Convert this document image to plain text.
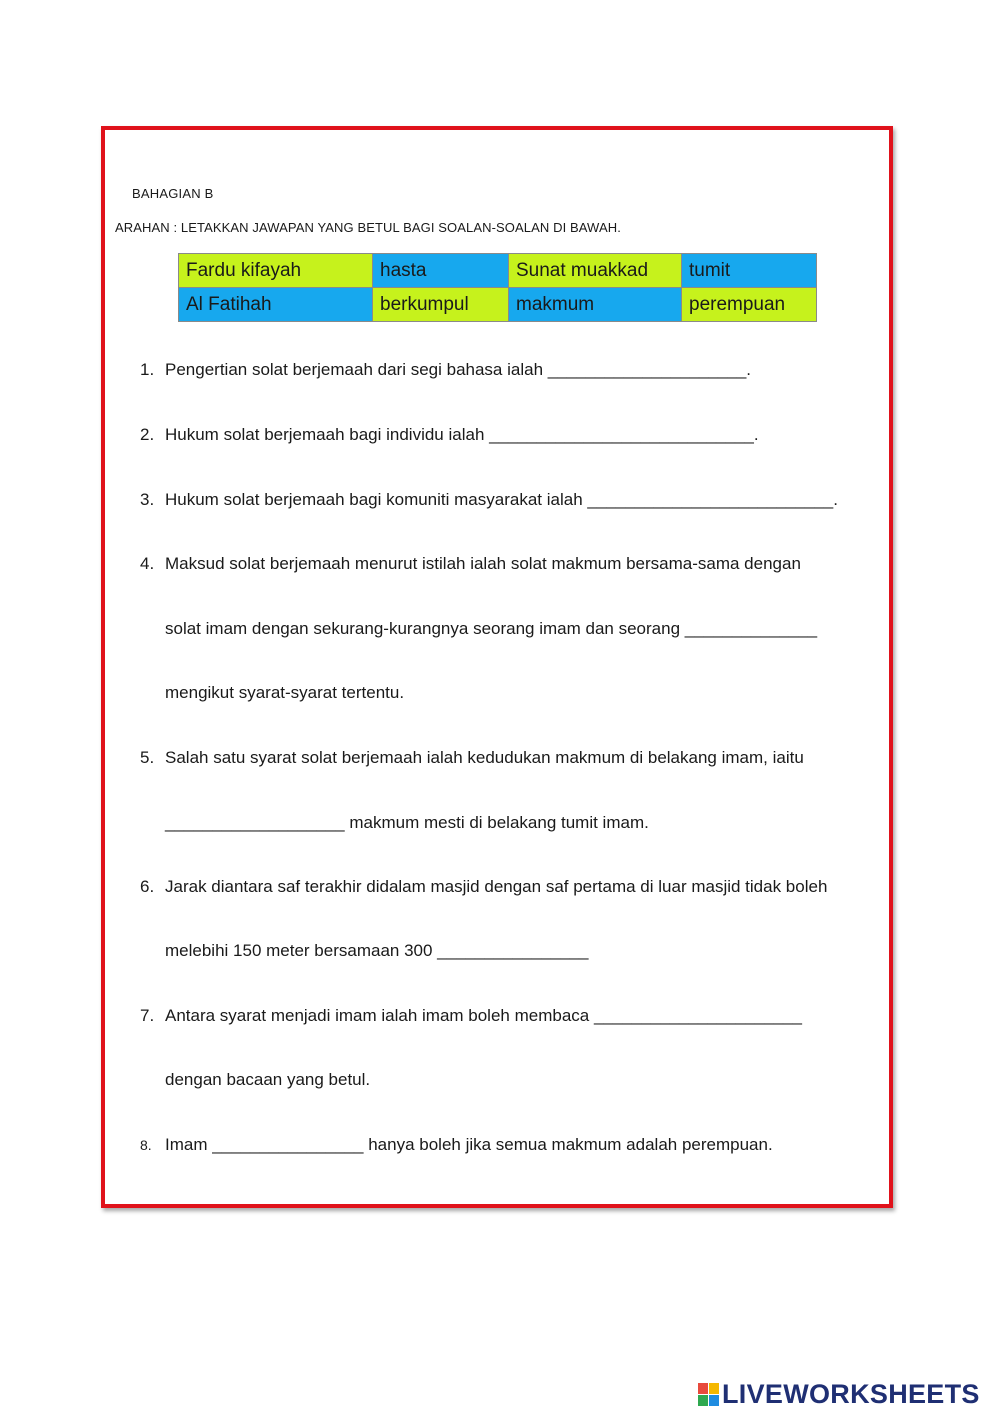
BAHAGIAN B
ARAHAN : LETAKKAN JAWAPAN YANG BETUL BAGI SOALAN-SOALAN DI BAWAH.
Fardu kifayah	hasta	Sunat muakkad	tumit
Al Fatihah	berkumpul	makmum	perempuan
1. Pengertian solat berjemaah dari segi bahasa ialah _____________________.
2. Hukum solat berjemaah bagi individu ialah ____________________________.
3. Hukum solat berjemaah bagi komuniti masyarakat ialah __________________________.
4. Maksud solat berjemaah menurut istilah ialah solat makmum bersama-sama dengan
solat imam dengan sekurang-kurangnya seorang imam dan seorang ______________
mengikut syarat-syarat tertentu.
5. Salah satu syarat solat berjemaah ialah kedudukan makmum di belakang imam, iaitu
___________________ makmum mesti di belakang tumit imam.
6. Jarak diantara saf terakhir didalam masjid dengan saf pertama di luar masjid tidak boleh
melebihi 150 meter bersamaan 300 ________________
7. Antara syarat menjadi imam ialah imam boleh membaca ______________________
dengan bacaan yang betul.
8. Imam ________________ hanya boleh jika semua makmum adalah perempuan.
LIVEWORKSHEETS
